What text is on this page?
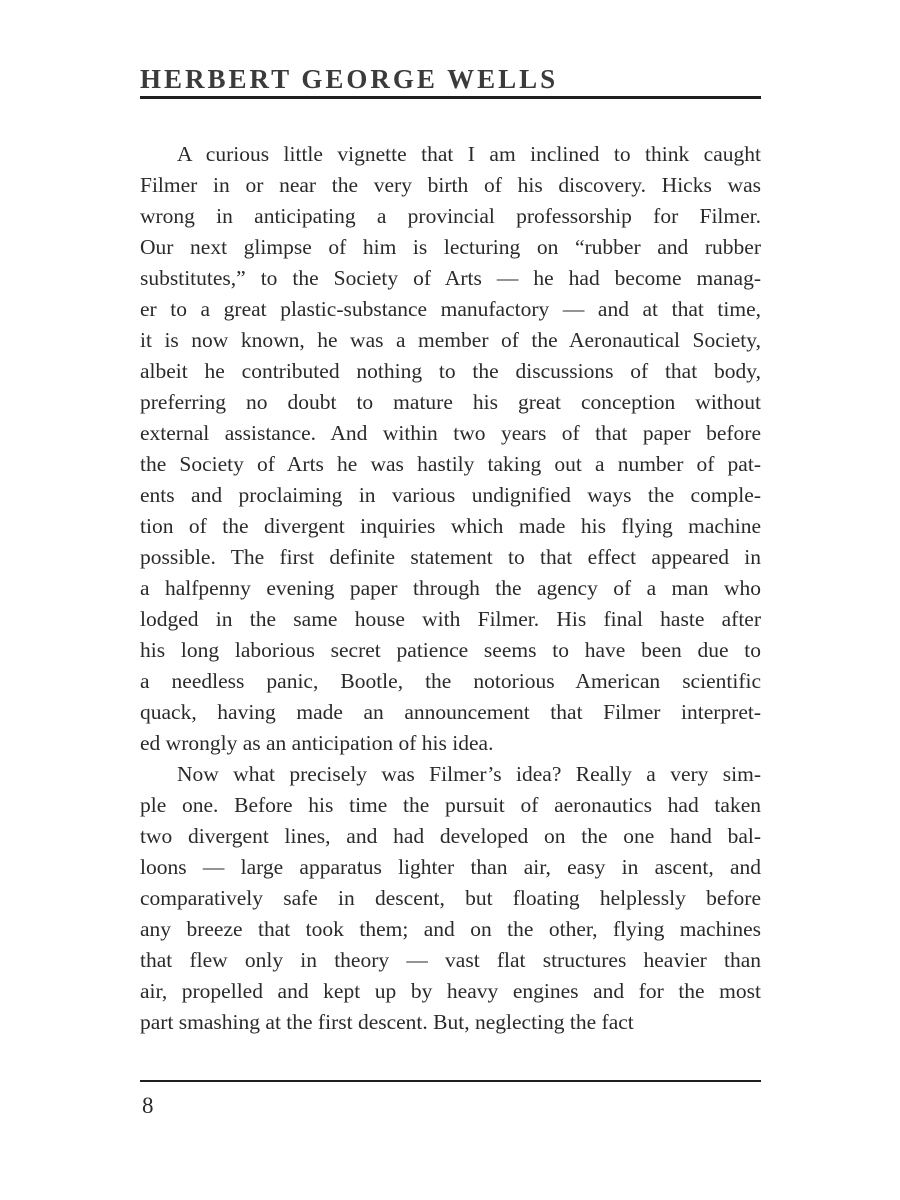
HERBERT GEORGE WELLS
A curious little vignette that I am inclined to think caught
Filmer in or near the very birth of his discovery. Hicks was
wrong in anticipating a provincial professorship for Filmer.
Our next glimpse of him is lecturing on “rubber and rubber
substitutes,” to the Society of Arts — he had become manag-
er to a great plastic-substance manufactory — and at that time,
it is now known, he was a member of the Aeronautical Society,
albeit he contributed nothing to the discussions of that body,
preferring no doubt to mature his great conception without
external assistance. And within two years of that paper before
the Society of Arts he was hastily taking out a number of pat-
ents and proclaiming in various undignified ways the comple-
tion of the divergent inquiries which made his flying machine
possible. The first definite statement to that effect appeared in
a halfpenny evening paper through the agency of a man who
lodged in the same house with Filmer. His final haste after
his long laborious secret patience seems to have been due to
a needless panic, Bootle, the notorious American scientific
quack, having made an announcement that Filmer interpret-
ed wrongly as an anticipation of his idea.
Now what precisely was Filmer’s idea? Really a very sim-
ple one. Before his time the pursuit of aeronautics had taken
two divergent lines, and had developed on the one hand bal-
loons — large apparatus lighter than air, easy in ascent, and
comparatively safe in descent, but floating helplessly before
any breeze that took them; and on the other, flying machines
that flew only in theory — vast flat structures heavier than
air, propelled and kept up by heavy engines and for the most
part smashing at the first descent. But, neglecting the fact
8
